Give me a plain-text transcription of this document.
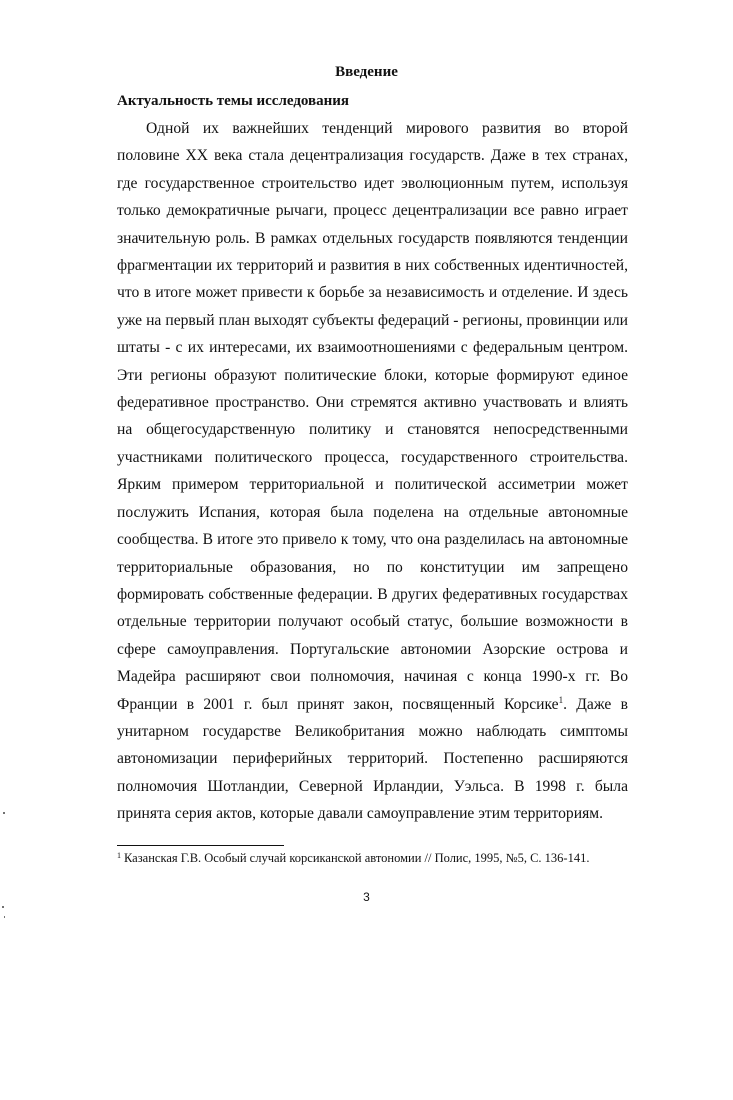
Введение
Актуальность темы исследования

Одной их важнейших тенденций мирового развития во второй половине XX века стала децентрализация государств. Даже в тех странах, где государственное строительство идет эволюционным путем, используя только демократичные рычаги, процесс децентрализации все равно играет значительную роль. В рамках отдельных государств появляются тенденции фрагментации их территорий и развития в них собственных идентичностей, что в итоге может привести к борьбе за независимость и отделение. И здесь уже на первый план выходят субъекты федераций - регионы, провинции или штаты - с их интересами, их взаимоотношениями с федеральным центром. Эти регионы образуют политические блоки, которые формируют единое федеративное пространство. Они стремятся активно участвовать и влиять на общегосударственную политику и становятся непосредственными участниками политического процесса, государственного строительства. Ярким примером территориальной и политической ассиметрии может послужить Испания, которая была поделена на отдельные автономные сообщества. В итоге это привело к тому, что она разделилась на автономные территориальные образования, но по конституции им запрещено формировать собственные федерации. В других федеративных государствах отдельные территории получают особый статус, большие возможности в сфере самоуправления. Португальские автономии Азорские острова и Мадейра расширяют свои полномочия, начиная с конца 1990-х гг. Во Франции в 2001 г. был принят закон, посвященный Корсике$^1$. Даже в унитарном государстве Великобритания можно наблюдать симптомы автономизации периферийных территорий. Постепенно расширяются полномочия Шотландии, Северной Ирландии, Уэльса. В 1998 г. была принята серия актов, которые давали самоуправление этим территориям.

$^1$ Казанская Г.В. Особый случай корсиканской автономии // Полис, 1995, №5, С. 136-141.
3
